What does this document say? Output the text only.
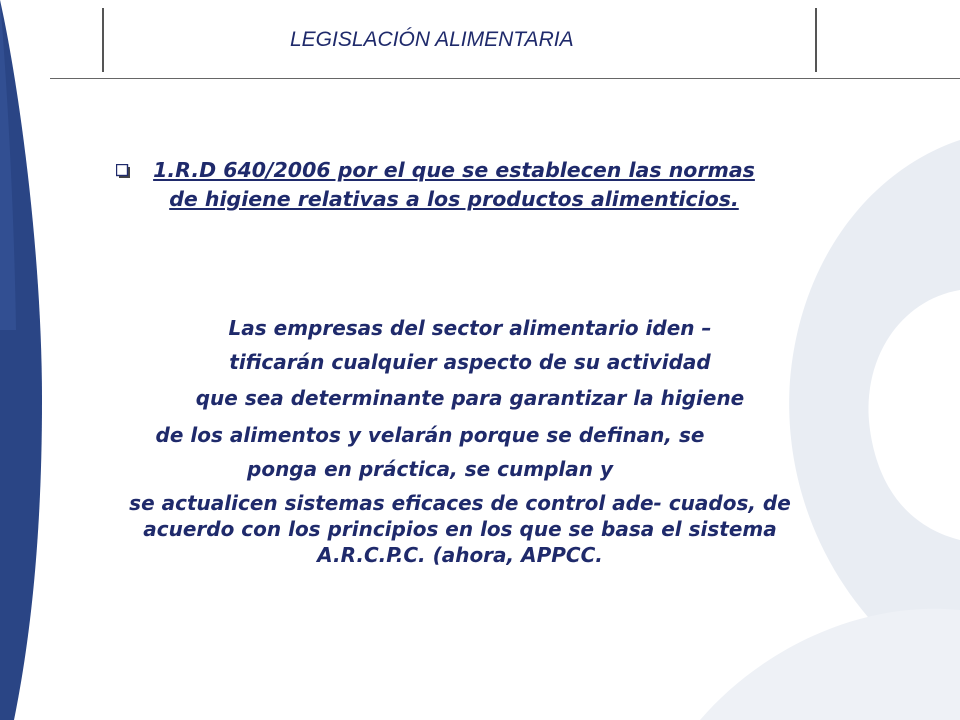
LEGISLACIÓN ALIMENTARIA
1.R.D 640/2006 por el que se establecen las normas de higiene relativas a los productos alimenticios.
Las empresas del sector alimentario iden –
tificarán cualquier aspecto de su actividad
que sea determinante para garantizar la higiene
de los alimentos y velarán porque se definan, se
ponga en práctica, se cumplan y
se actualicen sistemas eficaces de control ade- cuados, de acuerdo con los principios en los que se basa el sistema A.R.C.P.C. (ahora, APPCC.
